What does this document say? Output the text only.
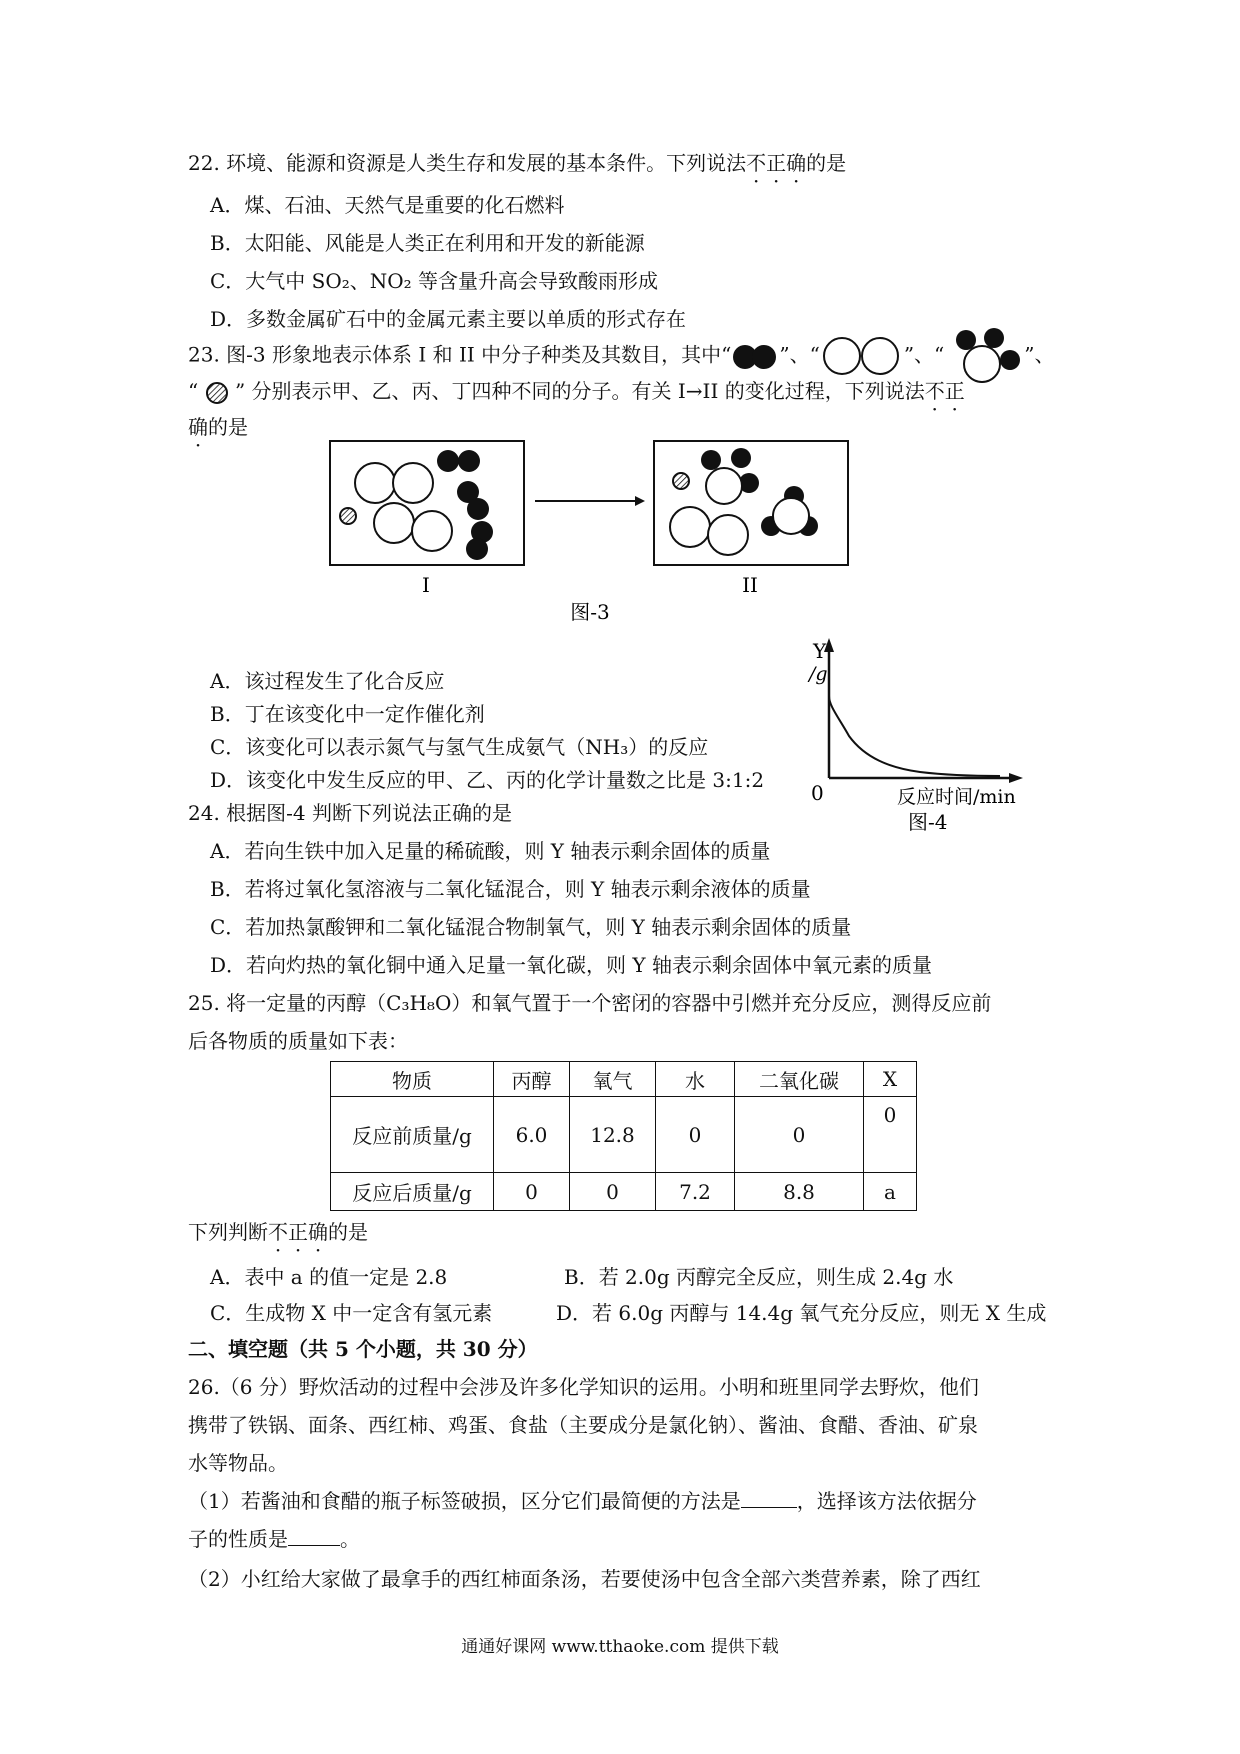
22. 环境、能源和资源是人类生存和发展的基本条件。下列说法不正确的是
A．煤、石油、天然气是重要的化石燃料
B．太阳能、风能是人类正在利用和开发的新能源
C．大气中 SO₂、NO₂ 等含量升高会导致酸雨形成
D．多数金属矿石中的金属元素主要以单质的形式存在
23. 图-3 形象地表示体系 I 和 II 中分子种类及其数目，其中“ ”、“	”、“	”、
“ ” 分别表示甲、乙、丙、丁四种不同的分子。有关 I→II 的变化过程，下列说法不正
确的是
I	II
图-3
A．该过程发生了化合反应
B．丁在该变化中一定作催化剂
C．该变化可以表示氮气与氢气生成氨气（NH₃）的反应
D．该变化中发生反应的甲、乙、丙的化学计量数之比是 3:1:2
Y
/g
0	反应时间/min
图-4
24. 根据图-4 判断下列说法正确的是
A．若向生铁中加入足量的稀硫酸，则 Y 轴表示剩余固体的质量
B．若将过氧化氢溶液与二氧化锰混合，则 Y 轴表示剩余液体的质量
C．若加热氯酸钾和二氧化锰混合物制氧气，则 Y 轴表示剩余固体的质量
D．若向灼热的氧化铜中通入足量一氧化碳，则 Y 轴表示剩余固体中氧元素的质量
25. 将一定量的丙醇（C₃H₈O）和氧气置于一个密闭的容器中引燃并充分反应，测得反应前
后各物质的质量如下表：
物质	丙醇	氧气	水	二氧化碳	X
反应前质量/g	6.0	12.8	0	0	0
反应后质量/g	0	0	7.2	8.8	a
下列判断不正确的是
A．表中 a 的值一定是 2.8	B．若 2.0g 丙醇完全反应，则生成 2.4g 水
C．生成物 X 中一定含有氢元素	D．若 6.0g 丙醇与 14.4g 氧气充分反应，则无 X 生成
二、填空题（共 5 个小题，共 30 分）
26.（6 分）野炊活动的过程中会涉及许多化学知识的运用。小明和班里同学去野炊，他们
携带了铁锅、面条、西红柿、鸡蛋、食盐（主要成分是氯化钠）、酱油、食醋、香油、矿泉
水等物品。
（1）若酱油和食醋的瓶子标签破损，区分它们最简便的方法是	，选择该方法依据分
子的性质是	。
（2）小红给大家做了最拿手的西红柿面条汤，若要使汤中包含全部六类营养素，除了西红
通通好课网 www.tthaoke.com 提供下载
